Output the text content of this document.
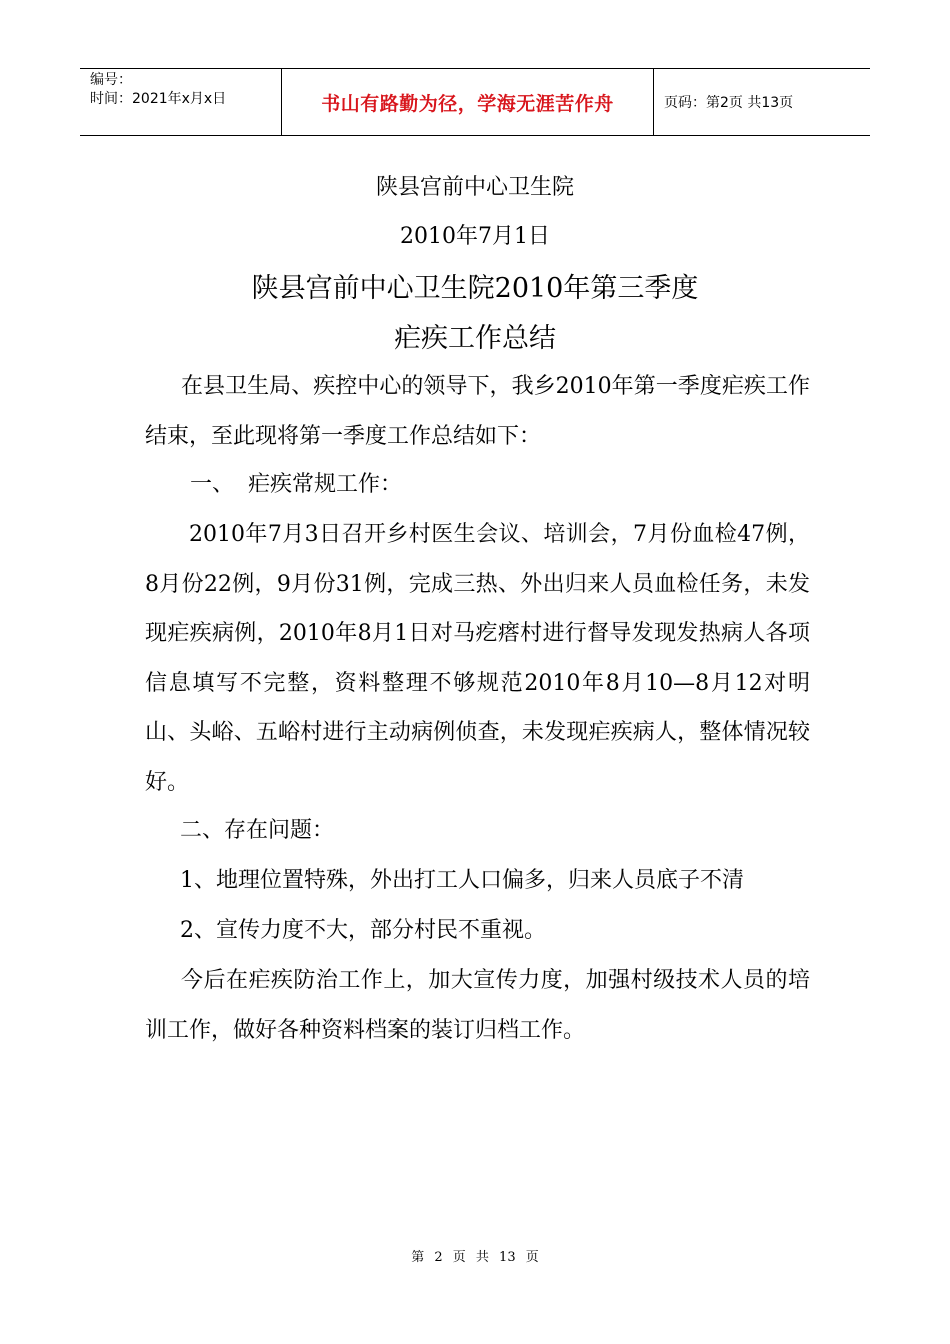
编号：
时间：2021年x月x日	书山有路勤为径，学海无涯苦作舟	页码：第2页 共13页
陕县宫前中心卫生院
2010年7月1日
陕县宫前中心卫生院2010年第三季度
疟疾工作总结
在县卫生局、疾控中心的领导下，我乡2010年第一季度疟疾工作结束，至此现将第一季度工作总结如下：
一、  疟疾常规工作：
2010年7月3日召开乡村医生会议、培训会，7月份血检47例，8月份22例，9月份31例，完成三热、外出归来人员血检任务，未发现疟疾病例，2010年8月1日对马疙瘩村进行督导发现发热病人各项信息填写不完整，资料整理不够规范2010年8月10—8月12对明山、头峪、五峪村进行主动病例侦查，未发现疟疾病人，整体情况较好。
二、存在问题：
1、地理位置特殊，外出打工人口偏多，归来人员底子不清
2、宣传力度不大，部分村民不重视。
今后在疟疾防治工作上，加大宣传力度，加强村级技术人员的培训工作，做好各种资料档案的装订归档工作。
第 2 页 共 13 页
